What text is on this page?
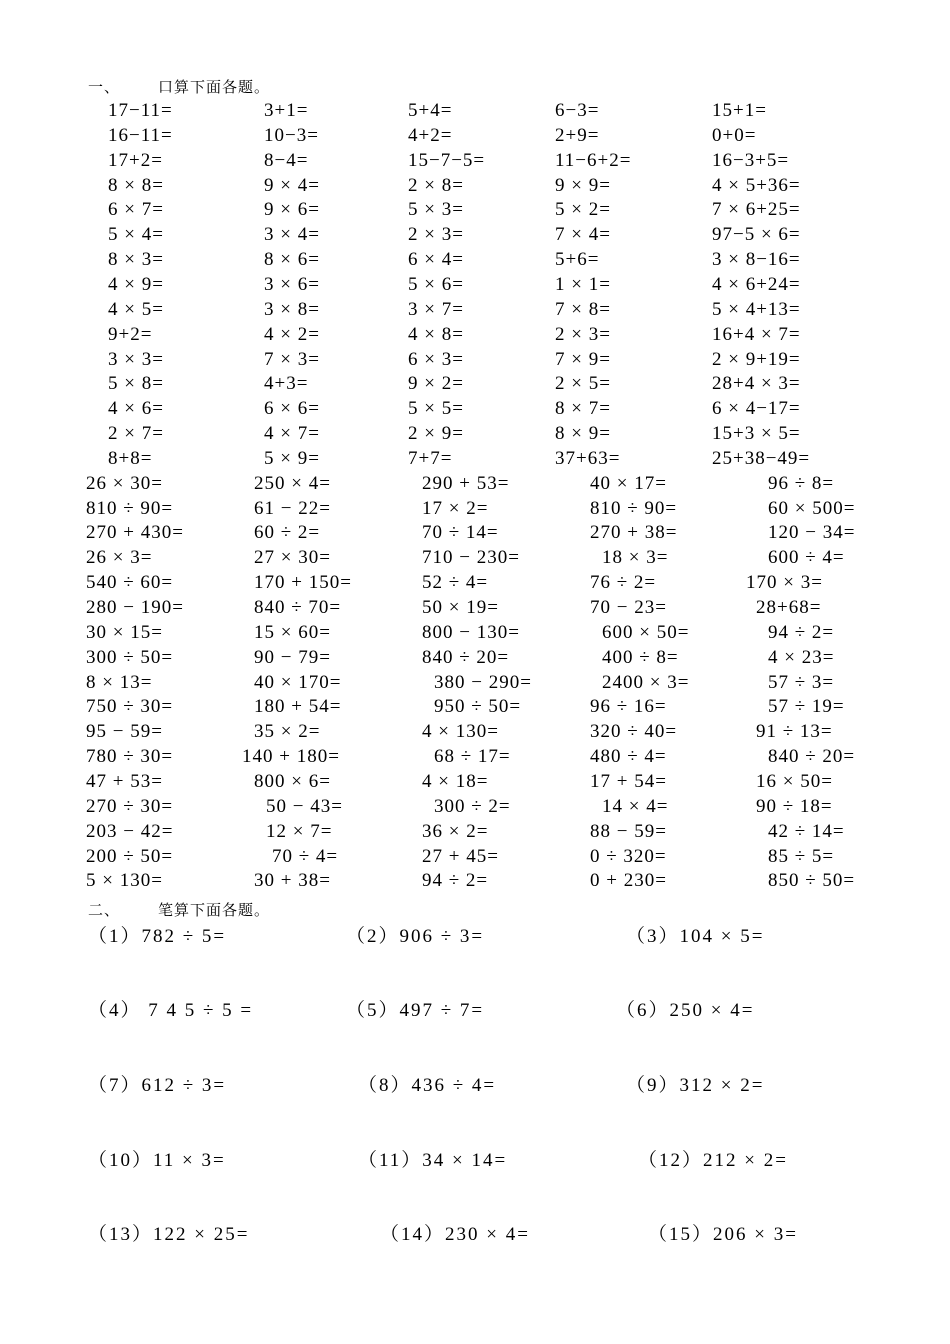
一、        口算下面各题。
17−11=	3+1=	5+4=	6−3=	15+1=
16−11=	10−3=	4+2=	2+9=	0+0=
17+2=	8−4=	15−7−5=	11−6+2=	16−3+5=
8 × 8=	9 × 4=	2 × 8=	9 × 9=	4 × 5+36=
6 × 7=	9 × 6=	5 × 3=	5 × 2=	7 × 6+25=
5 × 4=	3 × 4=	2 × 3=	7 × 4=	97−5 × 6=
8 × 3=	8 × 6=	6 × 4=	5+6=	3 × 8−16=
4 × 9=	3 × 6=	5 × 6=	1 × 1=	4 × 6+24=
4 × 5=	3 × 8=	3 × 7=	7 × 8=	5 × 4+13=
9+2=	4 × 2=	4 × 8=	2 × 3=	16+4 × 7=
3 × 3=	7 × 3=	6 × 3=	7 × 9=	2 × 9+19=
5 × 8=	4+3=	9 × 2=	2 × 5=	28+4 × 3=
4 × 6=	6 × 6=	5 × 5=	8 × 7=	6 × 4−17=
2 × 7=	4 × 7=	2 × 9=	8 × 9=	15+3 × 5=
8+8=	5 × 9=	7+7=	37+63=	25+38−49=
26 × 30=	250 × 4=	290 + 53=	40 × 17=	96 ÷ 8=
810 ÷ 90=	61 − 22=	17 × 2=	810 ÷ 90=	60 × 500=
270 + 430=	60 ÷ 2=	70 ÷ 14=	270 + 38=	120 − 34=
26 × 3=	27 × 30=	710 − 230=	18 × 3=	600 ÷ 4=
540 ÷ 60=	170 + 150=	52 ÷ 4=	76 ÷ 2=	170 × 3=
280 − 190=	840 ÷ 70=	50 × 19=	70 − 23=	28+68=
30 × 15=	15 × 60=	800 − 130=	600 × 50=	94 ÷ 2=
300 ÷ 50=	90 − 79=	840 ÷ 20=	400 ÷ 8=	4 × 23=
8 × 13=	40 × 170=	380 − 290=	2400 × 3=	57 ÷ 3=
750 ÷ 30=	180 + 54=	950 ÷ 50=	96 ÷ 16=	57 ÷ 19=
95 − 59=	35 × 2=	4 × 130=	320 ÷ 40=	91 ÷ 13=
780 ÷ 30=	140 + 180=	68 ÷ 17=	480 ÷ 4=	840 ÷ 20=
47 + 53=	800 × 6=	4 × 18=	17 + 54=	16 × 50=
270 ÷ 30=	50 − 43=	300 ÷ 2=	14 × 4=	90 ÷ 18=
203 − 42=	12 × 7=	36 × 2=	88 − 59=	42 ÷ 14=
200 ÷ 50=	70 ÷ 4=	27 + 45=	0 ÷ 320=	85 ÷ 5=
5 × 130=	30 + 38=	94 ÷ 2=	0 + 230=	850 ÷ 50=
二、        笔算下面各题。
（1）782 ÷ 5=	（2）906 ÷ 3=	（3）104 × 5=
（4） 7 4 5 ÷ 5 =	（5）497 ÷ 7=	（6）250 × 4=
（7）612 ÷ 3=	（8）436 ÷ 4=	（9）312 × 2=
（10）11 × 3=	（11）34 × 14=	（12）212 × 2=
（13）122 × 25=	（14）230 × 4=	（15）206 × 3=
